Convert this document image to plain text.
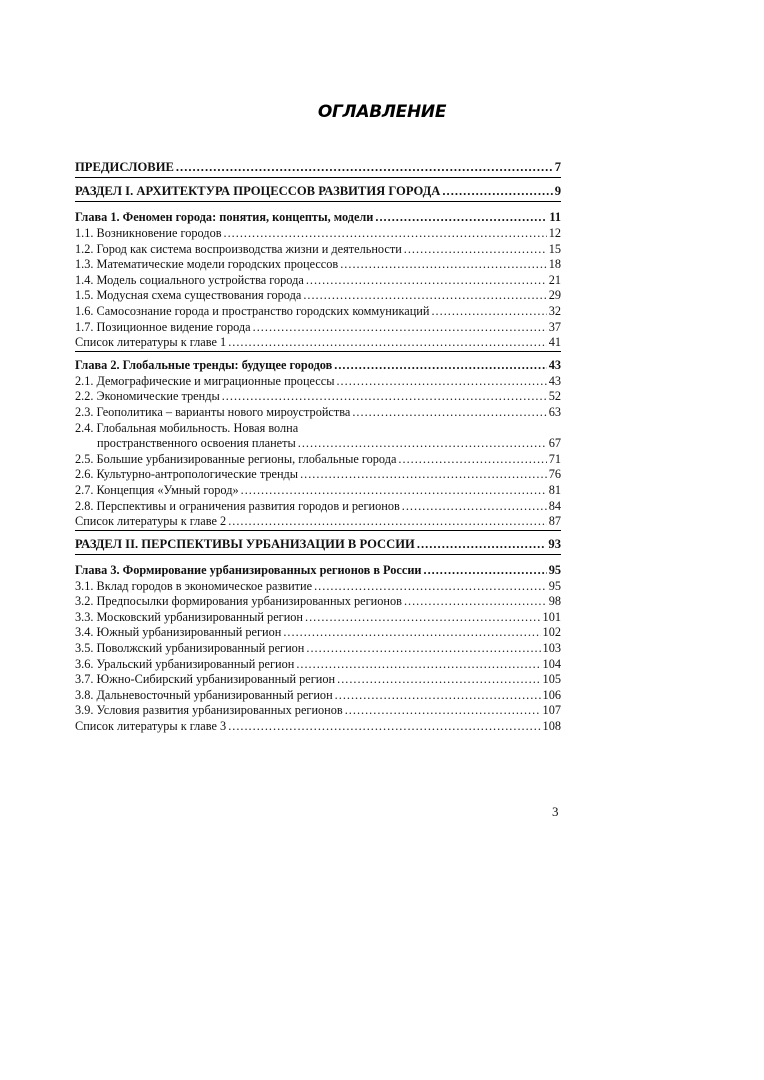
ОГЛАВЛЕНИЕ
ПРЕДИСЛОВИЕ .....	7
РАЗДЕЛ I. АРХИТЕКТУРА ПРОЦЕССОВ РАЗВИТИЯ ГОРОДА .....	9
Глава 1. Феномен города: понятия, концепты, модели .....	11
1.1. Возникновение городов .....	12
1.2. Город как система воспроизводства жизни и деятельности .....	15
1.3. Математические модели городских процессов .....	18
1.4. Модель социального устройства города .....	21
1.5. Модусная схема существования города .....	29
1.6. Самосознание города и пространство городских коммуникаций .....	32
1.7. Позиционное видение города .....	37
Список литературы к главе 1 .....	41
Глава 2. Глобальные тренды: будущее городов .....	43
2.1. Демографические и миграционные процессы .....	43
2.2. Экономические тренды .....	52
2.3. Геополитика – варианты нового мироустройства .....	63
2.4. Глобальная мобильность. Новая волна
пространственного освоения планеты .....	67
2.5. Большие урбанизированные регионы, глобальные города .....	71
2.6. Культурно-антропологические тренды .....	76
2.7. Концепция «Умный город» .....	81
2.8. Перспективы и ограничения развития городов и регионов .....	84
Список литературы к главе 2 .....	87
РАЗДЕЛ II. ПЕРСПЕКТИВЫ УРБАНИЗАЦИИ В РОССИИ .....	93
Глава 3. Формирование урбанизированных регионов в России .....	95
3.1. Вклад городов в экономическое развитие .....	95
3.2. Предпосылки формирования урбанизированных регионов .....	98
3.3. Московский урбанизированный регион .....	101
3.4. Южный урбанизированный регион .....	102
3.5. Поволжский урбанизированный регион .....	103
3.6. Уральский урбанизированный регион .....	104
3.7. Южно-Сибирский урбанизированный регион .....	105
3.8. Дальневосточный урбанизированный регион .....	106
3.9. Условия развития урбанизированных регионов .....	107
Список литературы к главе 3 .....	108
3
